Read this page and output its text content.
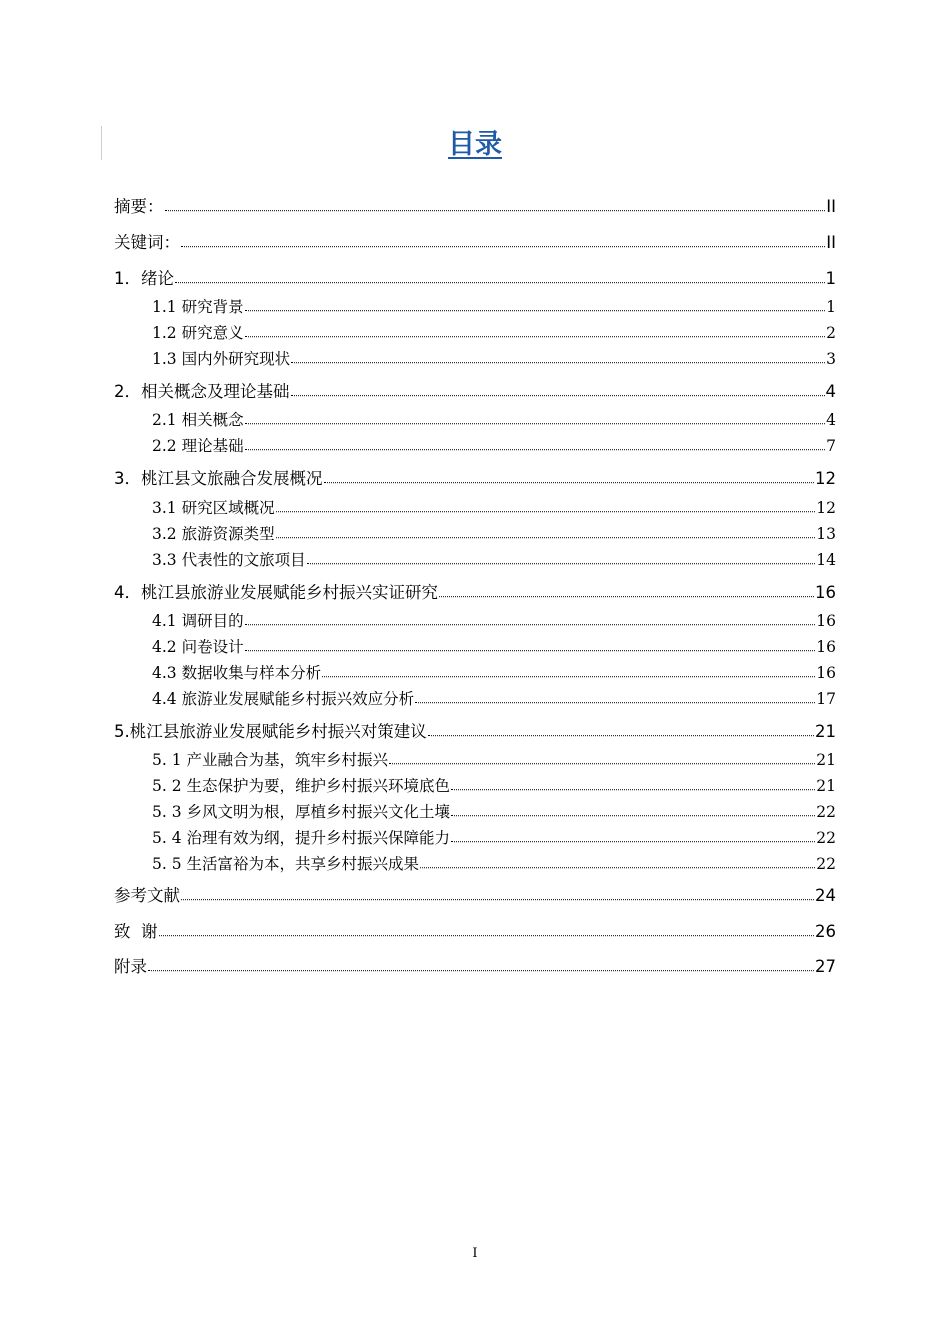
目录
摘要：	II
关键词：	II
1．绪论	1
1.1 研究背景	1
1.2 研究意义	2
1.3 国内外研究现状	3
2．相关概念及理论基础	4
2.1 相关概念	4
2.2 理论基础	7
3．桃江县文旅融合发展概况	12
3.1 研究区域概况	12
3.2 旅游资源类型	13
3.3 代表性的文旅项目	14
4．桃江县旅游业发展赋能乡村振兴实证研究	16
4.1 调研目的	16
4.2 问卷设计	16
4.3 数据收集与样本分析	16
4.4 旅游业发展赋能乡村振兴效应分析	17
5.桃江县旅游业发展赋能乡村振兴对策建议	21
5. 1 产业融合为基，筑牢乡村振兴	21
5. 2 生态保护为要，维护乡村振兴环境底色	21
5. 3 乡风文明为根，厚植乡村振兴文化土壤	22
5. 4 治理有效为纲，提升乡村振兴保障能力	22
5. 5 生活富裕为本，共享乡村振兴成果	22
参考文献	24
致  谢	26
附录	27
I
